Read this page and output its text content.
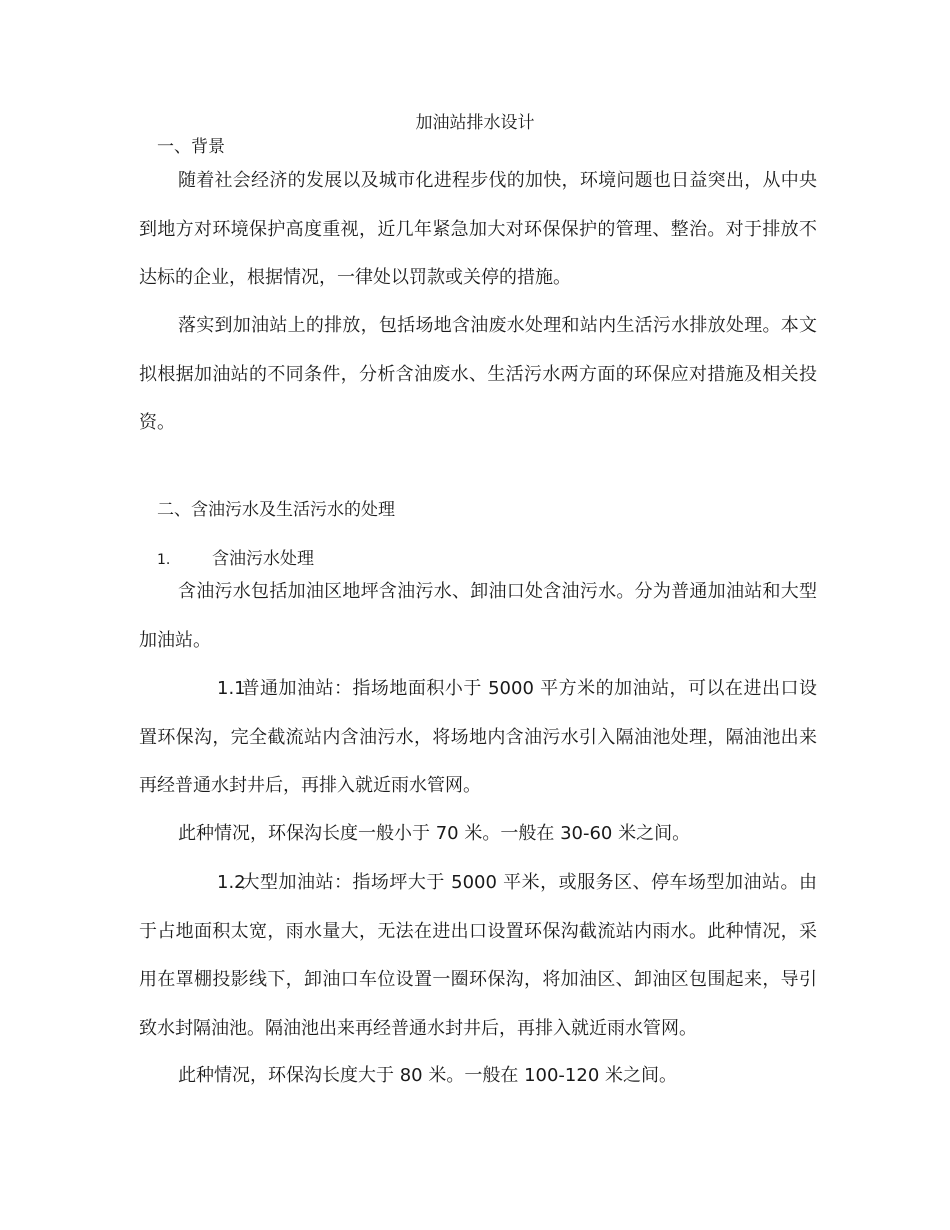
加油站排水设计
一、背景

随着社会经济的发展以及城市化进程步伐的加快，环境问题也日益突出，从中央到地方对环境保护高度重视，近几年紧急加大对环保保护的管理、整治。对于排放不达标的企业，根据情况，一律处以罚款或关停的措施。

落实到加油站上的排放，包括场地含油废水处理和站内生活污水排放处理。本文拟根据加油站的不同条件，分析含油废水、生活污水两方面的环保应对措施及相关投资。

二、含油污水及生活污水的处理
1. 含油污水处理

含油污水包括加油区地坪含油污水、卸油口处含油污水。分为普通加油站和大型加油站。

1.1普通加油站：指场地面积小于 5000 平方米的加油站，可以在进出口设置环保沟，完全截流站内含油污水，将场地内含油污水引入隔油池处理，隔油池出来再经普通水封井后，再排入就近雨水管网。

此种情况，环保沟长度一般小于 70 米。一般在 30-60 米之间。

1.2大型加油站：指场坪大于 5000 平米，或服务区、停车场型加油站。由于占地面积太宽，雨水量大，无法在进出口设置环保沟截流站内雨水。此种情况，采用在罩棚投影线下，卸油口车位设置一圈环保沟，将加油区、卸油区包围起来，导引致水封隔油池。隔油池出来再经普通水封井后，再排入就近雨水管网。

此种情况，环保沟长度大于 80 米。一般在 100-120 米之间。
